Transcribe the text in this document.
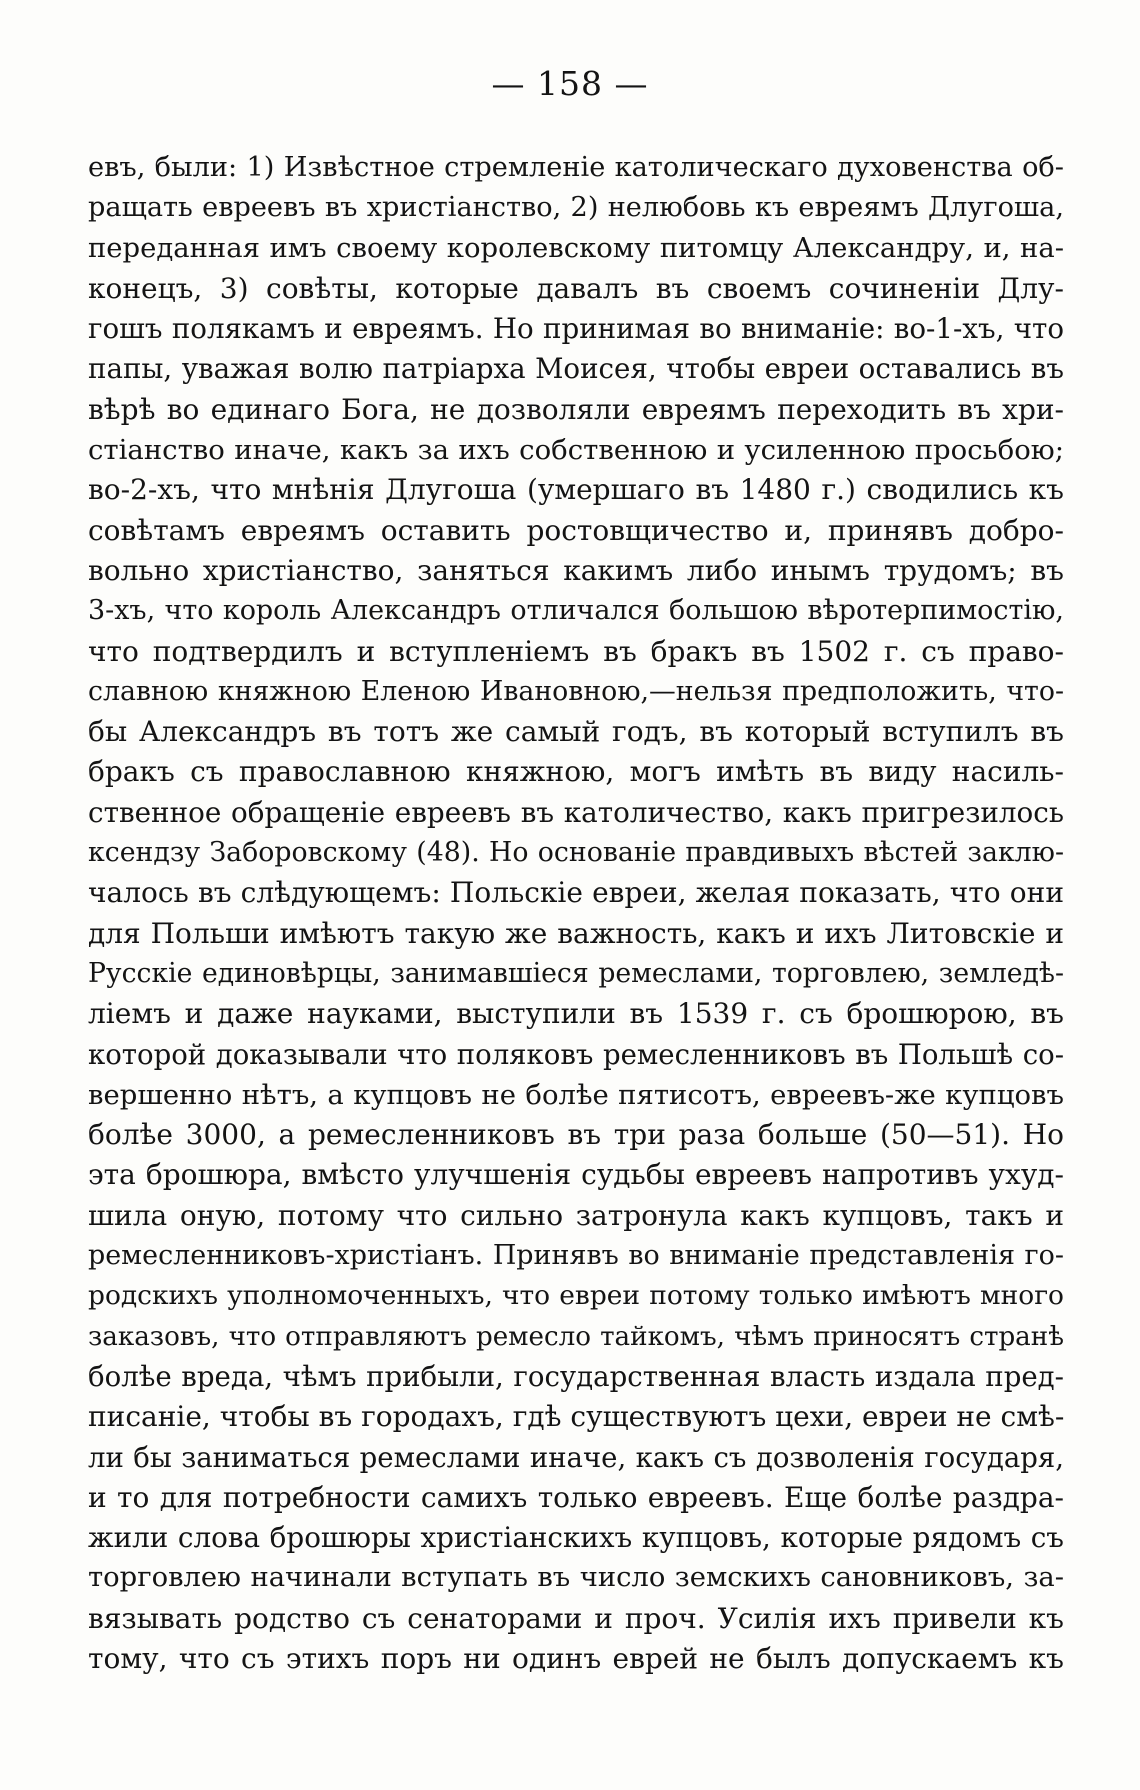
— 158 —
евъ, были: 1) Извѣстное стремленіе католическаго духовенства об-
ращать евреевъ въ христіанство, 2) нелюбовь къ евреямъ Длугоша,
переданная имъ своему королевскому питомцу Александру, и, на-
конецъ, 3) совѣты, которые давалъ въ своемъ сочиненіи Длу-
гошъ полякамъ и евреямъ. Но принимая во вниманіе: во-1-хъ, что
папы, уважая волю патріарха Моисея, чтобы евреи оставались въ
вѣрѣ во единаго Бога, не дозволяли евреямъ переходить въ хри-
стіанство иначе, какъ за ихъ собственною и усиленною просьбою;
во-2-хъ, что мнѣнія Длугоша (умершаго въ 1480 г.) сводились къ
совѣтамъ евреямъ оставить ростовщичество и, принявъ добро-
вольно христіанство, заняться какимъ либо инымъ трудомъ; въ
3-хъ, что король Александръ отличался большою вѣротерпимостію,
что подтвердилъ и вступленіемъ въ бракъ въ 1502 г. съ право-
славною княжною Еленою Ивановною,—нельзя предположить, что-
бы Александръ въ тотъ же самый годъ, въ который вступилъ въ
бракъ съ православною княжною, могъ имѣть въ виду насиль-
ственное обращеніе евреевъ въ католичество, какъ пригрезилось
ксендзу Заборовскому (48). Но основаніе правдивыхъ вѣстей заклю-
чалось въ слѣдующемъ: Польскіе евреи, желая показать, что они
для Польши имѣютъ такую же важность, какъ и ихъ Литовскіе и
Русскіе единовѣрцы, занимавшіеся ремеслами, торговлею, земледѣ-
ліемъ и даже науками, выступили въ 1539 г. съ брошюрою, въ
которой доказывали что поляковъ ремесленниковъ въ Польшѣ со-
вершенно нѣтъ, а купцовъ не болѣе пятисотъ, евреевъ-же купцовъ
болѣе 3000, а ремесленниковъ въ три раза больше (50—51). Но
эта брошюра, вмѣсто улучшенія судьбы евреевъ напротивъ ухуд-
шила оную, потому что сильно затронула какъ купцовъ, такъ и
ремесленниковъ-христіанъ. Принявъ во вниманіе представленія го-
родскихъ уполномоченныхъ, что евреи потому только имѣютъ много
заказовъ, что отправляютъ ремесло тайкомъ, чѣмъ приносятъ странѣ
болѣе вреда, чѣмъ прибыли, государственная власть издала пред-
писаніе, чтобы въ городахъ, гдѣ существуютъ цехи, евреи не смѣ-
ли бы заниматься ремеслами иначе, какъ съ дозволенія государя,
и то для потребности самихъ только евреевъ. Еще болѣе раздра-
жили слова брошюры христіанскихъ купцовъ, которые рядомъ съ
торговлею начинали вступать въ число земскихъ сановниковъ, за-
вязывать родство съ сенаторами и проч. Усилія ихъ привели къ
тому, что съ этихъ поръ ни одинъ еврей не былъ допускаемъ къ
